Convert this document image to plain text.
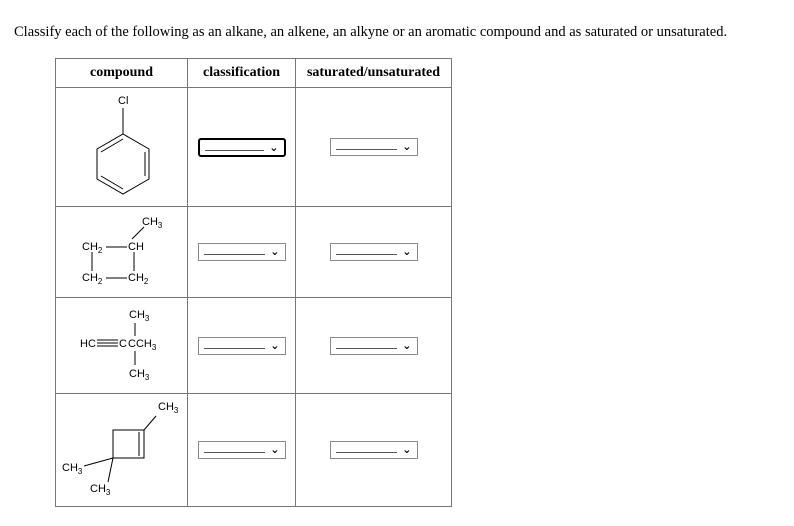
Classify each of the following as an alkane, an alkene, an alkyne or an aromatic compound and as saturated or unsaturated.
compound	classification	saturated/unsaturated

Cl	⌄	⌄

$CH_3$
$CH_2$ CH
$CH_2$ $CH_2$	⌄	⌄

$CH_3$
HC C $CCH_3$
$CH_3$	⌄	⌄

$CH_3$
$CH_3$
$CH_3$	⌄	⌄
